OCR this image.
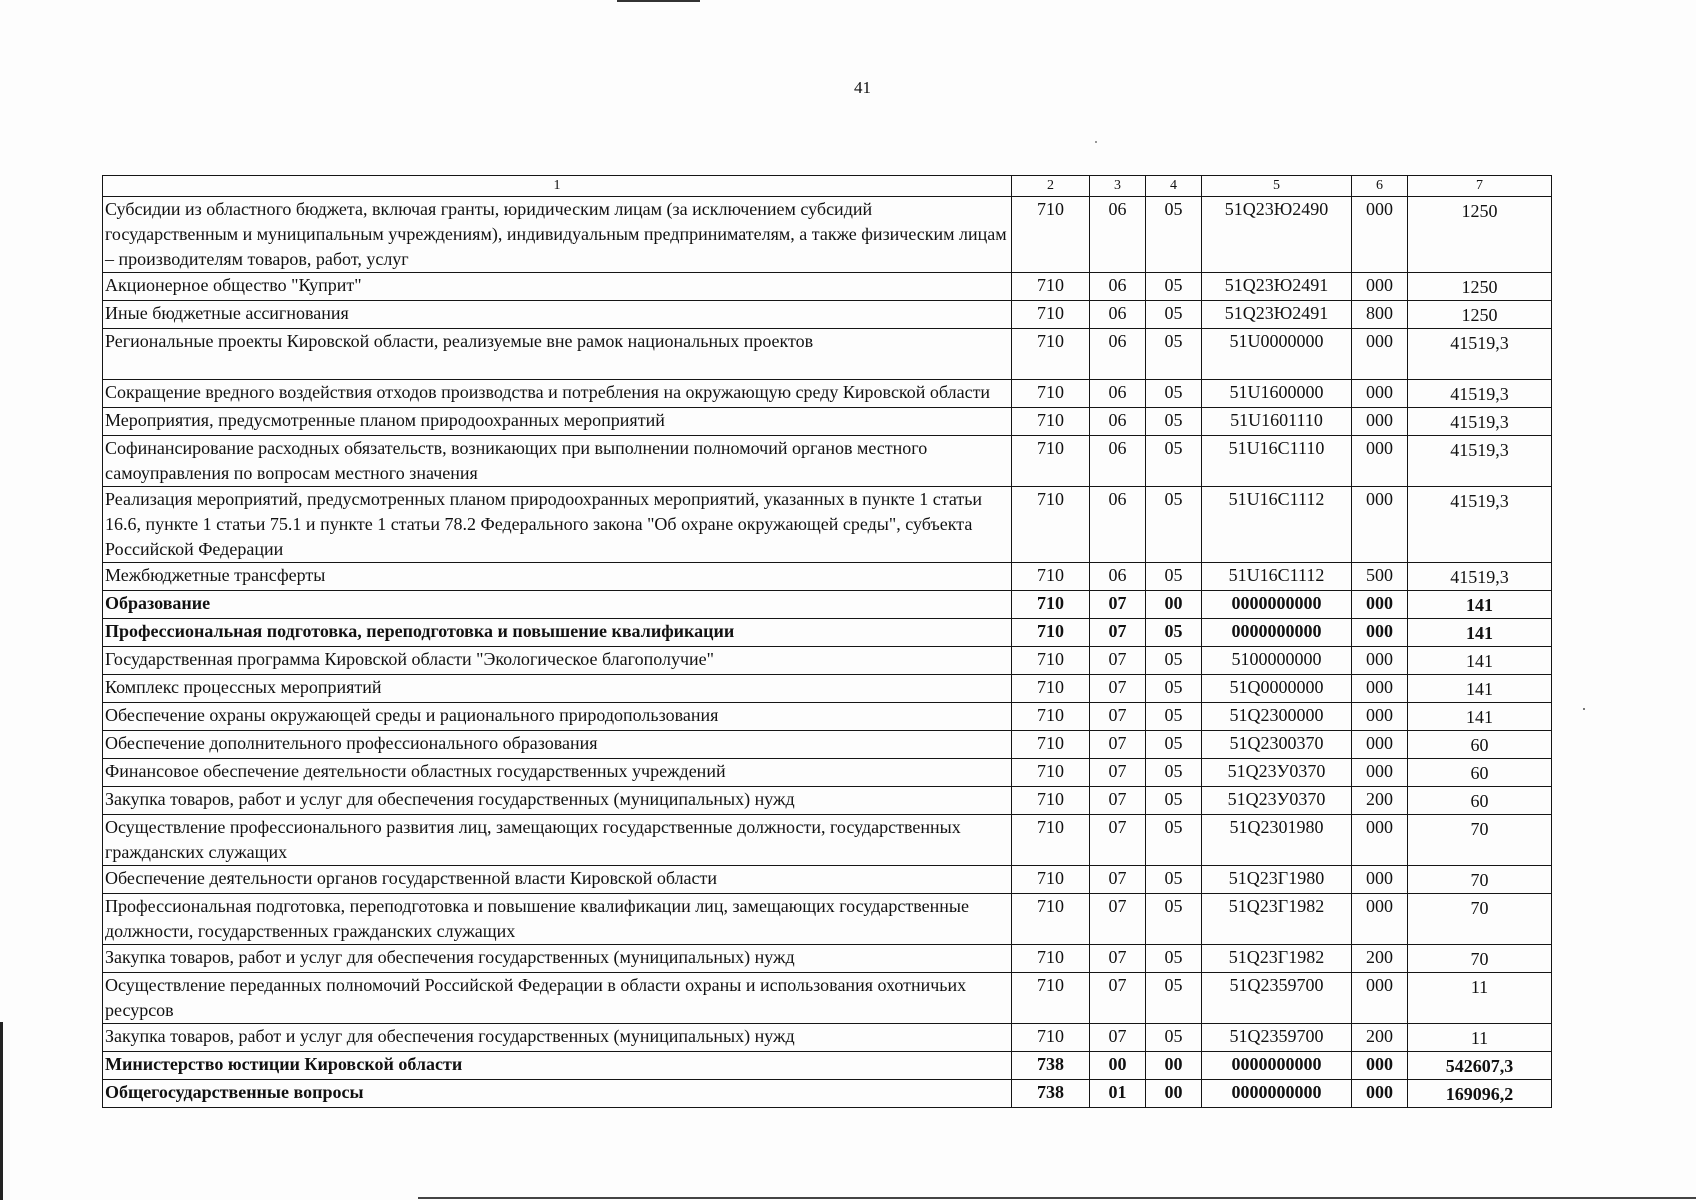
41
1	2	3	4	5	6	7
Субсидии из областного бюджета, включая гранты, юридическим лицам (за исключением субсидий государственным и муниципальным учреждениям), индивидуальным предпринимателям, а также физическим лицам – производителям товаров, работ, услуг	710	06	05	51Q23Ю2490	000	1250
Акционерное общество "Куприт"	710	06	05	51Q23Ю2491	000	1250
Иные бюджетные ассигнования	710	06	05	51Q23Ю2491	800	1250
Региональные проекты Кировской области, реализуемые вне рамок национальных проектов	710	06	05	51U0000000	000	41519,3
Сокращение вредного воздействия отходов производства и потребления на окружающую среду Кировской области	710	06	05	51U1600000	000	41519,3
Мероприятия, предусмотренные планом природоохранных мероприятий	710	06	05	51U1601110	000	41519,3
Софинансирование расходных обязательств, возникающих при выполнении полномочий органов местного самоуправления по вопросам местного значения	710	06	05	51U16C1110	000	41519,3
Реализация мероприятий, предусмотренных планом природоохранных мероприятий, указанных в пункте 1 статьи 16.6, пункте 1 статьи 75.1 и пункте 1 статьи 78.2 Федерального закона "Об охране окружающей среды", субъекта Российской Федерации	710	06	05	51U16C1112	000	41519,3
Межбюджетные трансферты	710	06	05	51U16C1112	500	41519,3
Образование	710	07	00	0000000000	000	141
Профессиональная подготовка, переподготовка и повышение квалификации	710	07	05	0000000000	000	141
Государственная программа Кировской области "Экологическое благополучие"	710	07	05	5100000000	000	141
Комплекс процессных мероприятий	710	07	05	51Q0000000	000	141
Обеспечение охраны окружающей среды и рационального природопользования	710	07	05	51Q2300000	000	141
Обеспечение дополнительного профессионального образования	710	07	05	51Q2300370	000	60
Финансовое обеспечение деятельности областных государственных учреждений	710	07	05	51Q23У0370	000	60
Закупка товаров, работ и услуг для обеспечения государственных (муниципальных) нужд	710	07	05	51Q23У0370	200	60
Осуществление профессионального развития лиц, замещающих государственные должности, государственных гражданских служащих	710	07	05	51Q2301980	000	70
Обеспечение деятельности органов государственной власти Кировской области	710	07	05	51Q23Г1980	000	70
Профессиональная подготовка, переподготовка и повышение квалификации лиц, замещающих государственные должности, государственных гражданских служащих	710	07	05	51Q23Г1982	000	70
Закупка товаров, работ и услуг для обеспечения государственных (муниципальных) нужд	710	07	05	51Q23Г1982	200	70
Осуществление переданных полномочий Российской Федерации в области охраны и использования охотничьих ресурсов	710	07	05	51Q2359700	000	11
Закупка товаров, работ и услуг для обеспечения государственных (муниципальных) нужд	710	07	05	51Q2359700	200	11
Министерство юстиции Кировской области	738	00	00	0000000000	000	542607,3
Общегосударственные вопросы	738	01	00	0000000000	000	169096,2
